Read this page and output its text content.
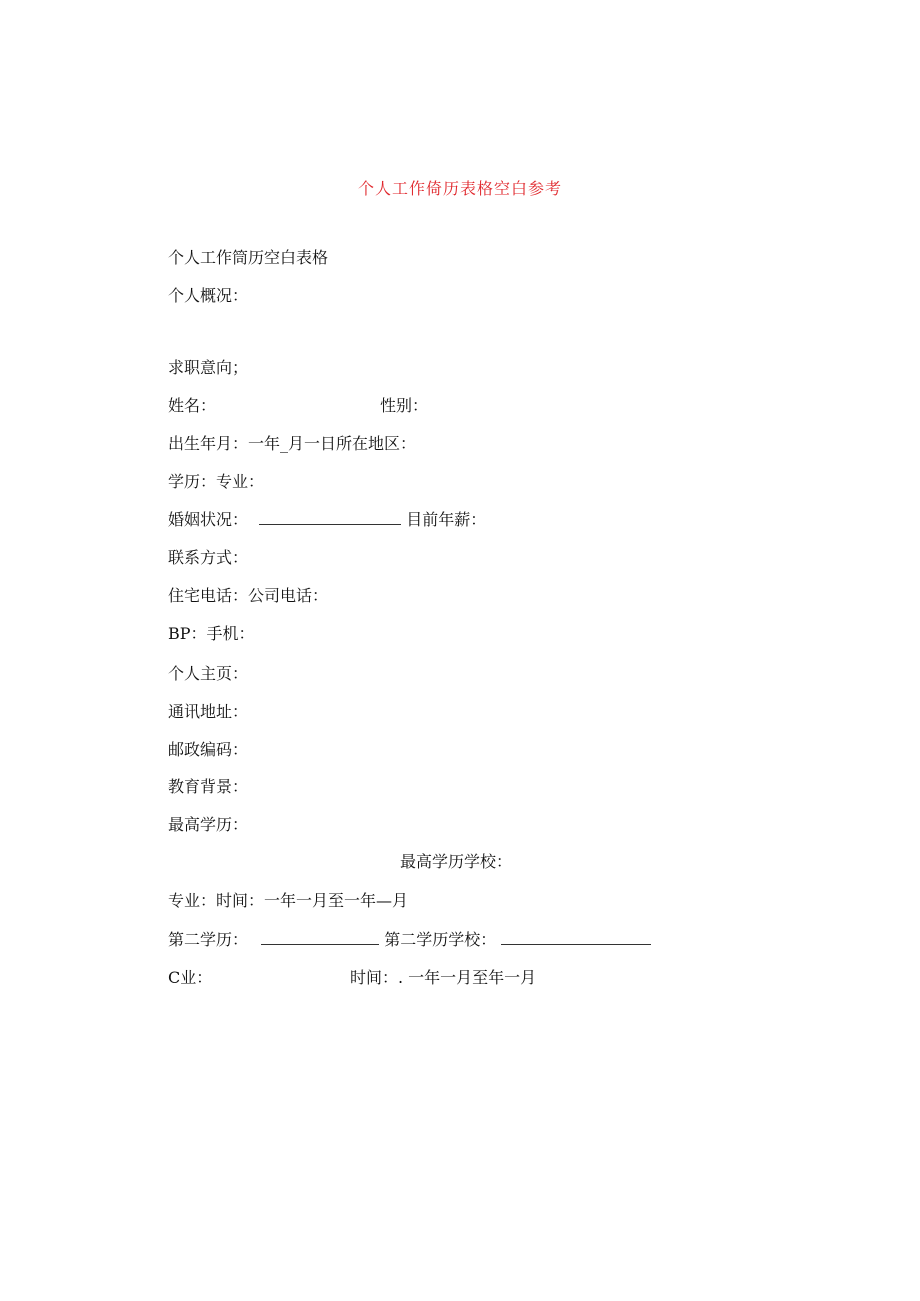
个人工作倚历表格空白参考
个人工作筒历空白表格
个人概况：
求职意向；
姓名：	性别：
出生年月：一年_月一日所在地区：
学历：专业：
婚姻状况：	目前年薪：
联系方式：
住宅电话：公司电话：
BP：手机：
个人主页：
通讯地址：
邮政编码：
教育背景：
最高学历：
最高学历学校：
专业：时间：一年一月至一年—月
第二学历：	第二学历学校：
C业：	时间：. 一年一月至年一月
